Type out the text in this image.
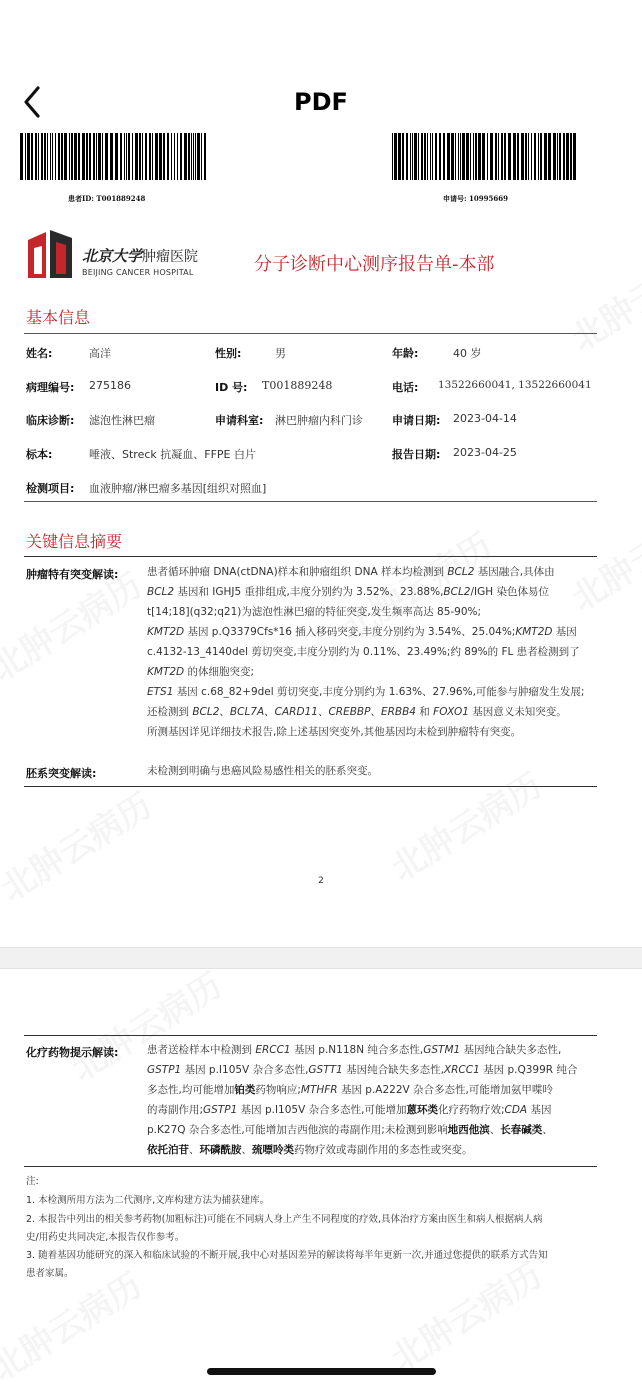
PDF
患者ID: T001889248	申请号: 10995669
北京大学肿瘤医院
BEIJING CANCER HOSPITAL	分子诊断中心测序报告单-本部
基本信息
姓名:	高洋	性别:	男	年龄:	40 岁
病理编号: 275186	ID 号: T001889248	电话: 13522660041, 13522660041
临床诊断: 滤泡性淋巴瘤	申请科室: 淋巴肿瘤内科门诊	申请日期: 2023-04-14
标本:	唾液、Streck 抗凝血、FFPE 白片	报告日期: 2023-04-25
检测项目: 血液肿瘤/淋巴瘤多基因[组织对照血]
关键信息摘要
肿瘤特有突变解读:	患者循环肿瘤 DNA(ctDNA)样本和肿瘤组织 DNA 样本均检测到 BCL2 基因融合,具体由
BCL2 基因和 IGHJ5 重排组成,丰度分别约为 3.52%、23.88%,BCL2/IGH 染色体易位
t[14;18](q32;q21)为滤泡性淋巴瘤的特征突变,发生频率高达 85-90%;
KMT2D 基因 p.Q3379Cfs*16 插入移码突变,丰度分别约为 3.54%、25.04%;KMT2D 基因
c.4132-13_4140del 剪切突变,丰度分别约为 0.11%、23.49%;约 89%的 FL 患者检测到了
KMT2D 的体细胞突变;
ETS1 基因 c.68_82+9del 剪切突变,丰度分别约为 1.63%、27.96%,可能参与肿瘤发生发展;
还检测到 BCL2、BCL7A、CARD11、CREBBP、ERBB4 和 FOXO1 基因意义未知突变。
所测基因详见详细技术报告,除上述基因突变外,其他基因均未检到肿瘤特有突变。
胚系突变解读:	未检测到明确与患癌风险易感性相关的胚系突变。
2
化疗药物提示解读:	患者送检样本中检测到 ERCC1 基因 p.N118N 纯合多态性,GSTM1 基因纯合缺失多态性,
GSTP1 基因 p.I105V 杂合多态性,GSTT1 基因纯合缺失多态性,XRCC1 基因 p.Q399R 纯合
多态性,均可能增加铂类药物响应;MTHFR 基因 p.A222V 杂合多态性,可能增加氨甲喋呤
的毒副作用;GSTP1 基因 p.I105V 杂合多态性,可能增加蒽环类化疗药物疗效;CDA 基因
p.K27Q 杂合多态性,可能增加吉西他滨的毒副作用;未检测到影响地西他滨、长春碱类、
依托泊苷、环磷酰胺、巯嘌呤类药物疗效或毒副作用的多态性或突变。
注:
1. 本检测所用方法为二代测序,文库构建方法为捕获建库。
2. 本报告中列出的相关参考药物(加粗标注)可能在不同病人身上产生不同程度的疗效,具体治疗方案由医生和病人根据病人病
史/用药史共同决定,本报告仅作参考。
3. 随着基因功能研究的深入和临床试验的不断开展,我中心对基因差异的解读将每半年更新一次,并通过您提供的联系方式告知
患者家属。
